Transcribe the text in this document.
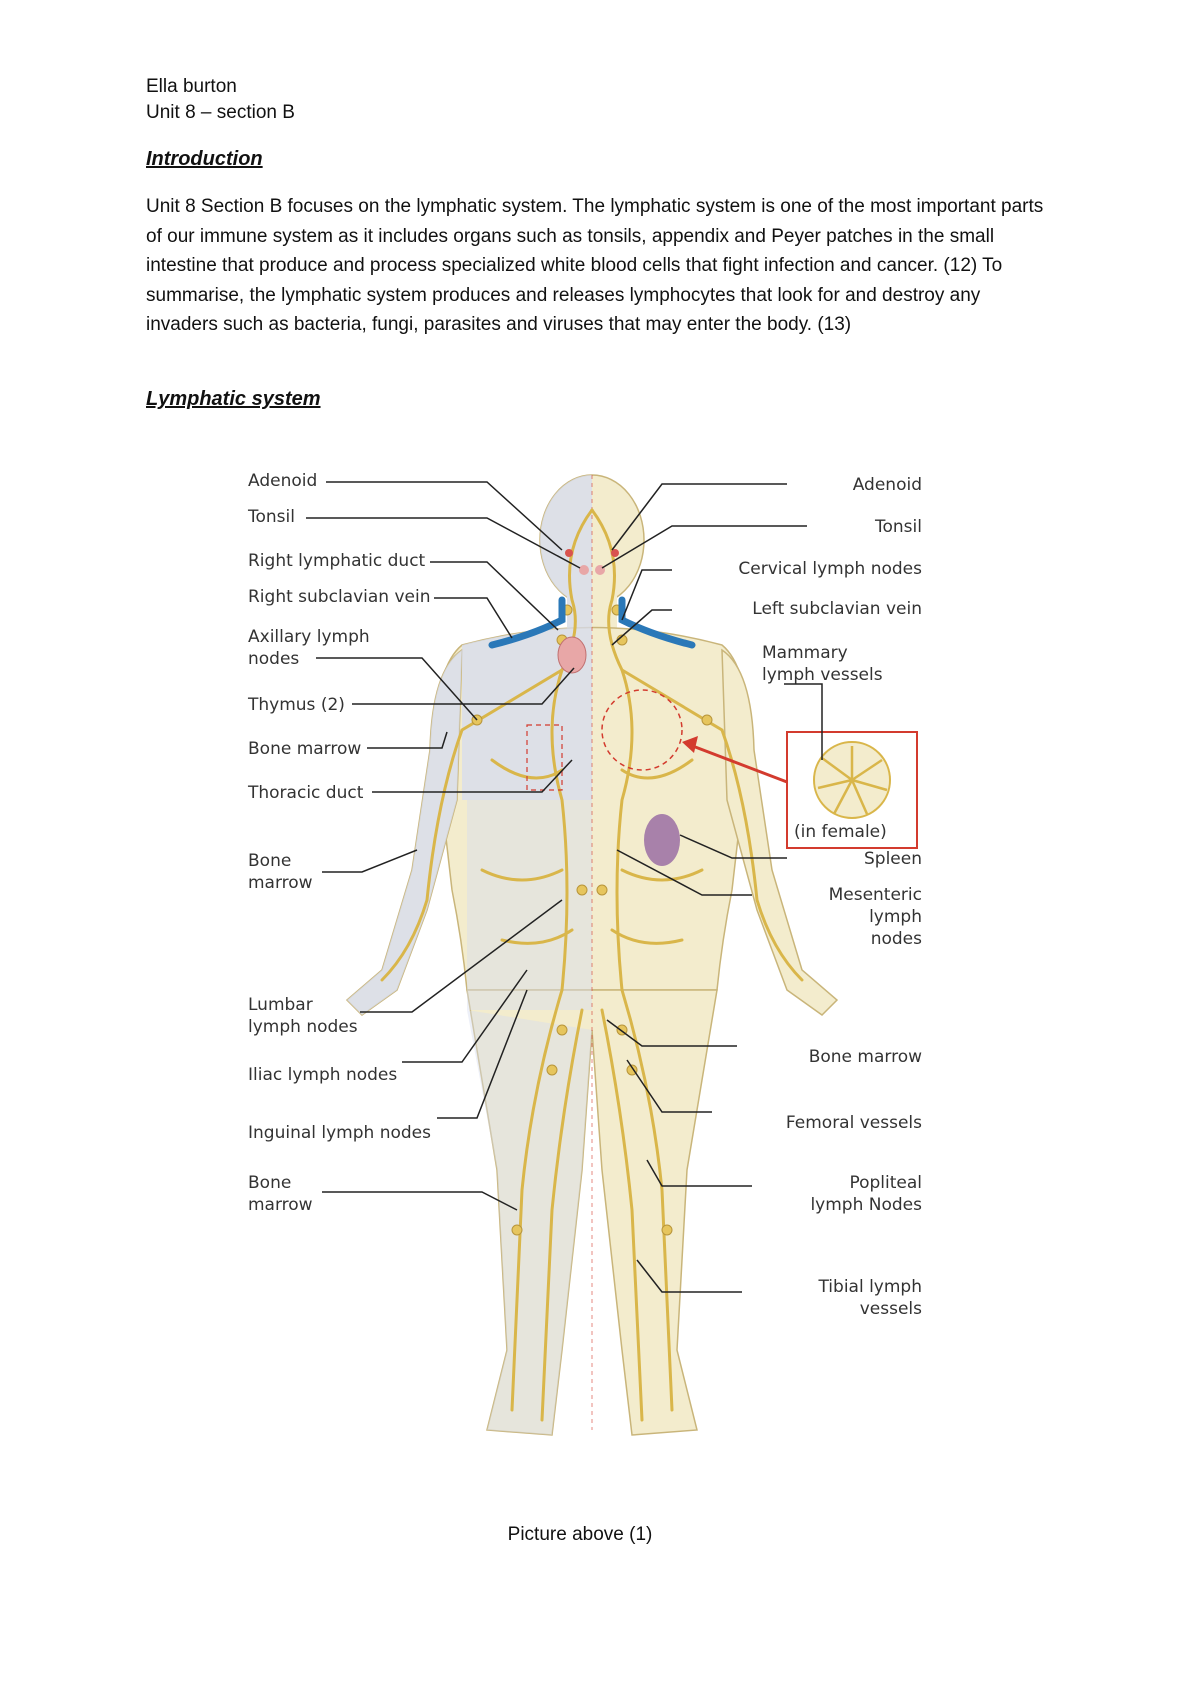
Ella burton
Unit 8 – section B
Introduction
Unit 8 Section B focuses on the lymphatic system. The lymphatic system is one of the most important parts of our immune system as it includes organs such as tonsils, appendix and Peyer patches in the small intestine that produce and process specialized white blood cells that fight infection and cancer. (12) To summarise, the lymphatic system produces and releases lymphocytes that look for and destroy any invaders such as bacteria, fungi, parasites and viruses that may enter the body. (13)
Lymphatic system
Adenoid
Tonsil
Right lymphatic duct
Right subclavian vein
Axillary lymph
nodes
Thymus (2)
Bone marrow
Thoracic duct
Bone
marrow
Lumbar
lymph nodes
Iliac lymph nodes
Inguinal lymph nodes
Bone
marrow
Adenoid
Tonsil
Cervical lymph nodes
Left subclavian vein
Mammary
lymph vessels
(in female)
Spleen
Mesenteric
lymph
nodes
Bone marrow
Femoral vessels
Popliteal
lymph Nodes
Tibial lymph
vessels
Picture above (1)
